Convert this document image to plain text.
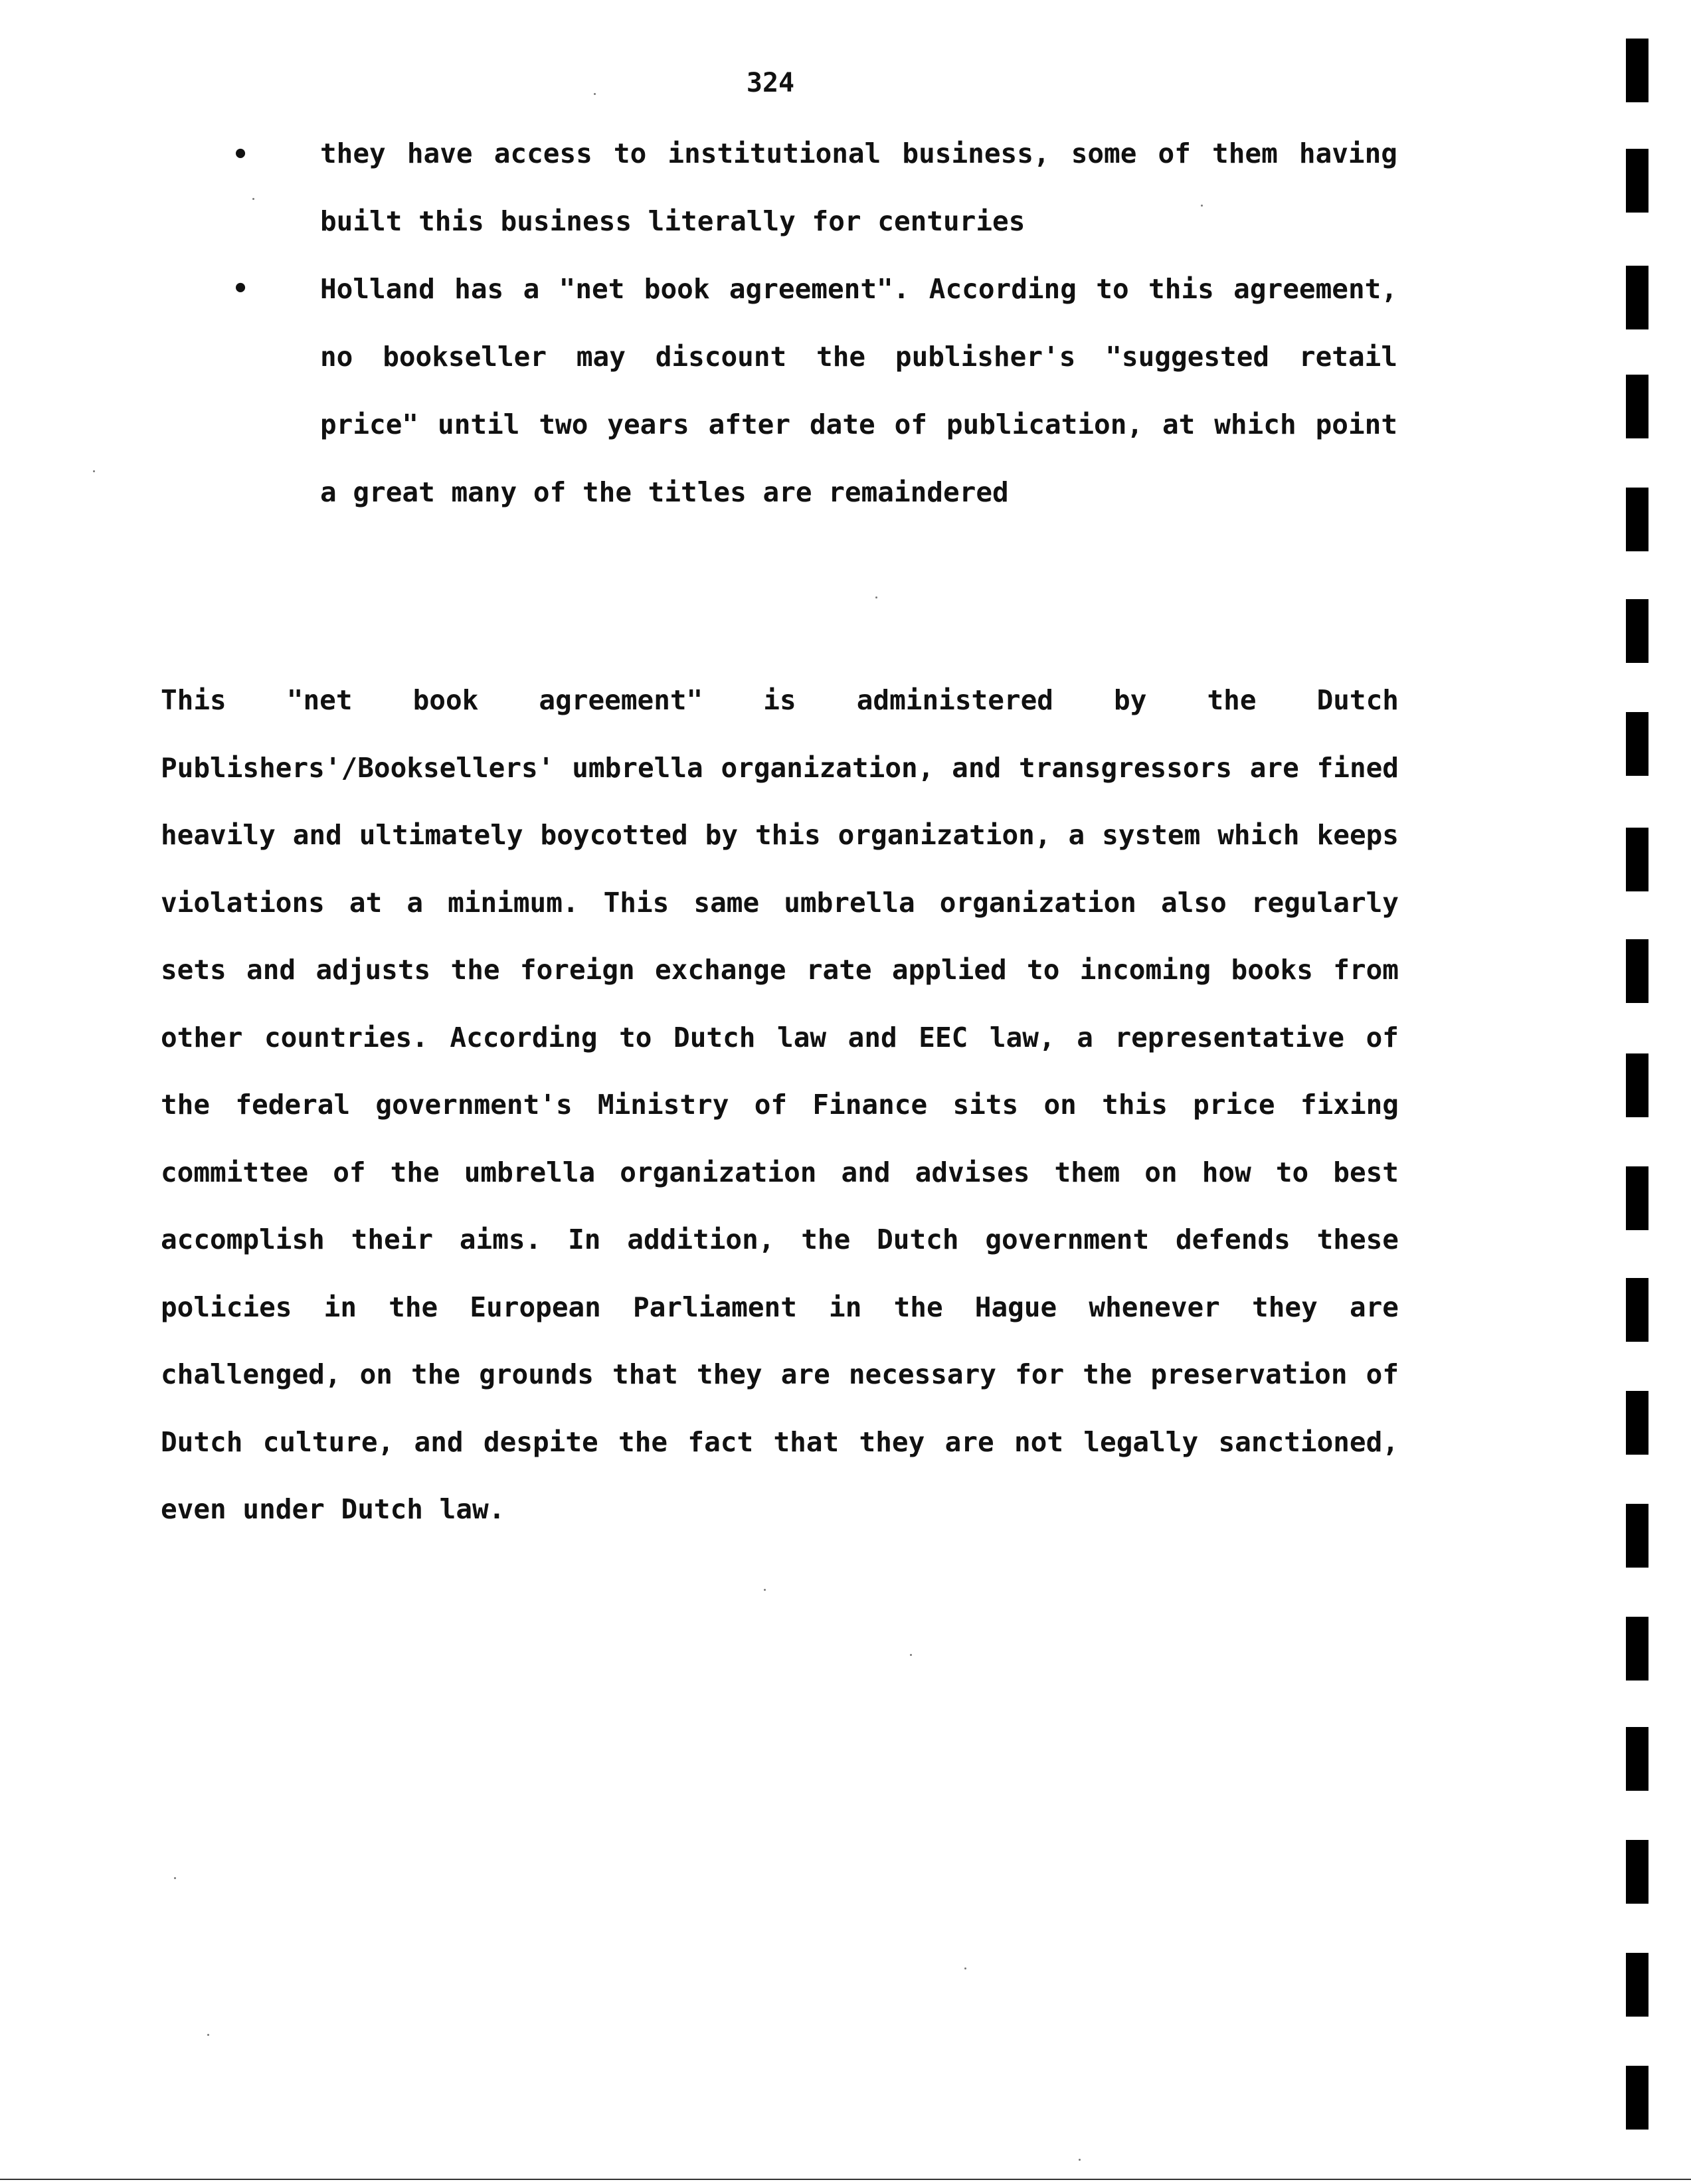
324
•	they have access to institutional business, some of them having built this business literally for centuries

•	Holland has a "net book agreement". According to this agreement, no bookseller may discount the publisher's "suggested retail price" until two years after date of publication, at which point a great many of the titles are remaindered

This "net book agreement" is administered by the Dutch Publishers'/Booksellers' umbrella organization, and transgressors are fined heavily and ultimately boycotted by this organization, a system which keeps violations at a minimum. This same umbrella organization also regularly sets and adjusts the foreign exchange rate applied to incoming books from other countries. According to Dutch law and EEC law, a representative of the federal government's Ministry of Finance sits on this price fixing committee of the umbrella organization and advises them on how to best accomplish their aims. In addition, the Dutch government defends these policies in the European Parliament in the Hague whenever they are challenged, on the grounds that they are necessary for the preservation of Dutch culture, and despite the fact that they are not legally sanctioned, even under Dutch law.
